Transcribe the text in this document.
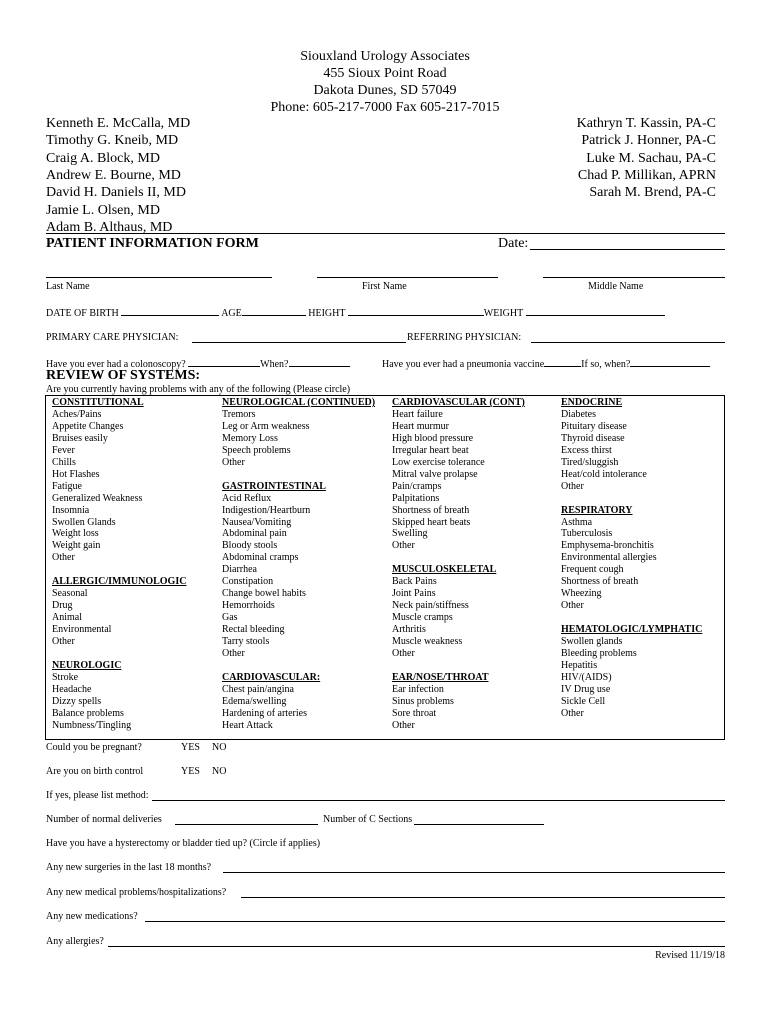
Siouxland Urology Associates
455 Sioux Point Road
Dakota Dunes, SD 57049
Phone: 605-217-7000 Fax 605-217-7015
Kenneth E. McCalla, MD
Timothy G. Kneib, MD
Craig A. Block, MD
Andrew E. Bourne, MD
David H. Daniels II, MD
Jamie L. Olsen, MD
Adam B. Althaus, MD
Kathryn T. Kassin, PA-C
Patrick J. Honner, PA-C
Luke M. Sachau, PA-C
Chad P. Millikan, APRN
Sarah M. Brend, PA-C
PATIENT INFORMATION FORM	Date:
Last Name	First Name	Middle Name
DATE OF BIRTH	AGE	HEIGHT	WEIGHT
PRIMARY CARE PHYSICIAN:	REFERRING PHYSICIAN:
Have you ever had a colonoscopy?	When?	Have you ever had a pneumonia vaccine	If so, when?
REVIEW OF SYSTEMS:
Are you currently having problems with any of the following (Please circle)
CONSTITUTIONAL
Aches/Pains
Appetite Changes
Bruises easily
Fever
Chills
Hot Flashes
Fatigue
Generalized Weakness
Insomnia
Swollen Glands
Weight loss
Weight gain
Other
ALLERGIC/IMMUNOLOGIC
Seasonal
Drug
Animal
Environmental
Other
NEUROLOGIC
Stroke
Headache
Dizzy spells
Balance problems
Numbness/Tingling
NEUROLOGICAL (CONTINUED)
Tremors
Leg or Arm weakness
Memory Loss
Speech problems
Other
GASTROINTESTINAL
Acid Reflux
Indigestion/Heartburn
Nausea/Vomiting
Abdominal pain
Bloody stools
Abdominal cramps
Diarrhea
Constipation
Change bowel habits
Hemorrhoids
Gas
Rectal bleeding
Tarry stools
Other
CARDIOVASCULAR:
Chest pain/angina
Edema/swelling
Hardening of arteries
Heart Attack
CARDIOVASCULAR (CONT)
Heart failure
Heart murmur
High blood pressure
Irregular heart beat
Low exercise tolerance
Mitral valve prolapse
Pain/cramps
Palpitations
Shortness of breath
Skipped heart beats
Swelling
Other
MUSCULOSKELETAL
Back Pains
Joint Pains
Neck pain/stiffness
Muscle cramps
Arthritis
Muscle weakness
Other
EAR/NOSE/THROAT
Ear infection
Sinus problems
Sore throat
Other
ENDOCRINE
Diabetes
Pituitary disease
Thyroid disease
Excess thirst
Tired/sluggish
Heat/cold intolerance
Other
RESPIRATORY
Asthma
Tuberculosis
Emphysema-bronchitis
Environmental allergies
Frequent cough
Shortness of breath
Wheezing
Other
HEMATOLOGIC/LYMPHATIC
Swollen glands
Bleeding problems
Hepatitis
HIV/(AIDS)
IV Drug use
Sickle Cell
Other
Could you be pregnant?	YES NO
Are you on birth control	YES NO
If yes, please list method:
Number of normal deliveries	Number of C Sections
Have you have a hysterectomy or bladder tied up? (Circle if applies)
Any new surgeries in the last 18 months?
Any new medical problems/hospitalizations?
Any new medications?
Any allergies?
Revised 11/19/18
